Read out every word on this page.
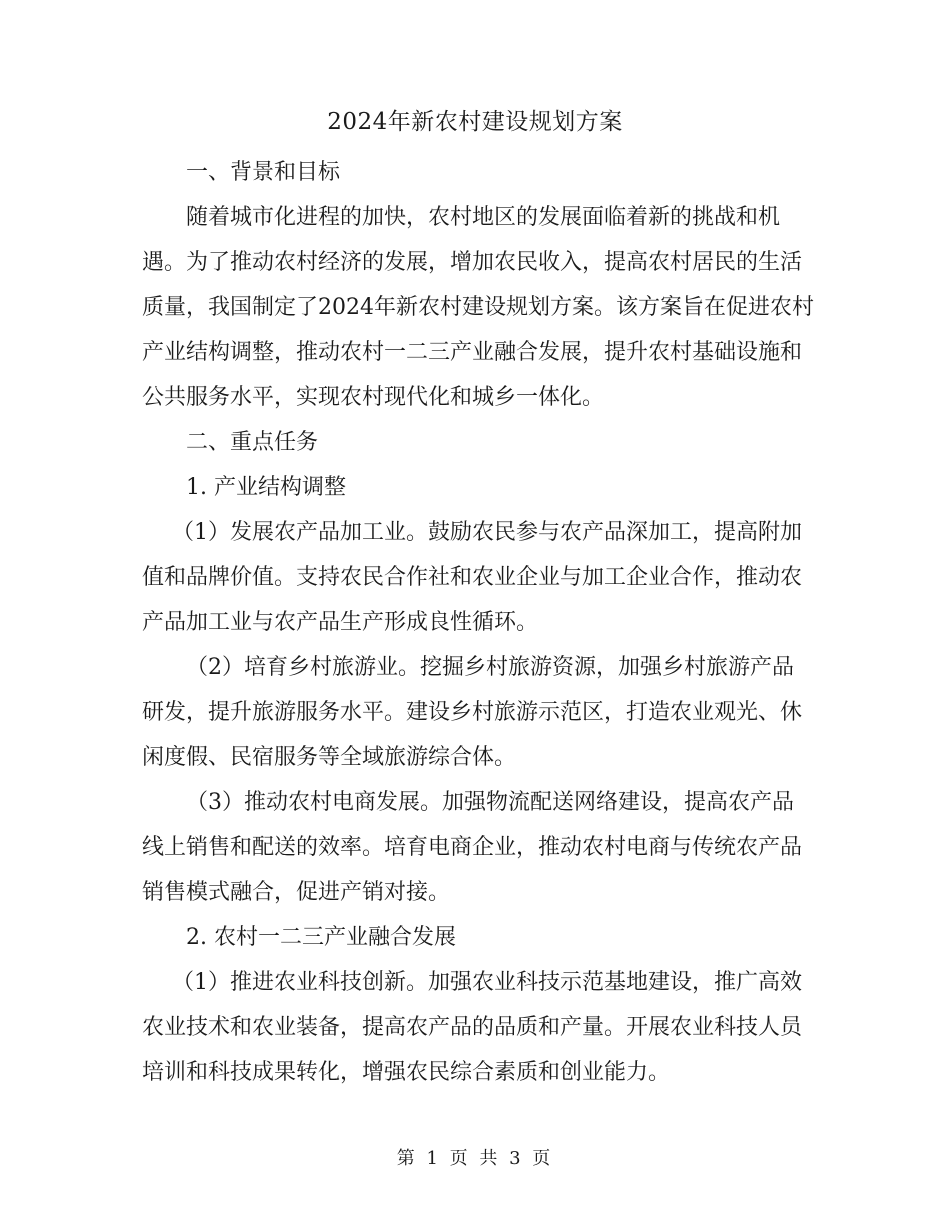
2024年新农村建设规划方案

一、背景和目标

随着城市化进程的加快，农村地区的发展面临着新的挑战和机遇。为了推动农村经济的发展，增加农民收入，提高农村居民的生活质量，我国制定了2024年新农村建设规划方案。该方案旨在促进农村产业结构调整，推动农村一二三产业融合发展，提升农村基础设施和公共服务水平，实现农村现代化和城乡一体化。

二、重点任务

1. 产业结构调整

（1）发展农产品加工业。鼓励农民参与农产品深加工，提高附加值和品牌价值。支持农民合作社和农业企业与加工企业合作，推动农产品加工业与农产品生产形成良性循环。

（2）培育乡村旅游业。挖掘乡村旅游资源，加强乡村旅游产品研发，提升旅游服务水平。建设乡村旅游示范区，打造农业观光、休闲度假、民宿服务等全域旅游综合体。

（3）推动农村电商发展。加强物流配送网络建设，提高农产品线上销售和配送的效率。培育电商企业，推动农村电商与传统农产品销售模式融合，促进产销对接。

2. 农村一二三产业融合发展

（1）推进农业科技创新。加强农业科技示范基地建设，推广高效农业技术和农业装备，提高农产品的品质和产量。开展农业科技人员培训和科技成果转化，增强农民综合素质和创业能力。

第 1 页 共 3 页
